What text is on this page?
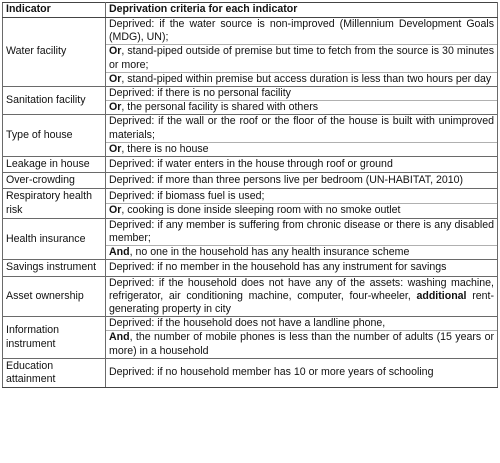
Indicator	Deprivation criteria for each indicator
Water facility	Deprived: if the water source is non-improved (Millennium Development Goals (MDG), UN);
Or, stand-piped outside of premise but time to fetch from the source is 30 minutes or more;
Or, stand-piped within premise but access duration is less than two hours per day

Sanitation facility	Deprived: if there is no personal facility
Or, the personal facility is shared with others

Type of house	Deprived: if the wall or the roof or the floor of the house is built with unimproved materials;
Or, there is no house

Leakage in house	Deprived: if water enters in the house through roof or ground

Over-crowding	Deprived: if more than three persons live per bedroom (UN-HABITAT, 2010)

Respiratory health risk	Deprived: if biomass fuel is used;
Or, cooking is done inside sleeping room with no smoke outlet

Health insurance	Deprived: if any member is suffering from chronic disease or there is any disabled member;
And, no one in the household has any health insurance scheme

Savings instrument	Deprived: if no member in the household has any instrument for savings

Asset ownership	Deprived: if the household does not have any of the assets: washing machine, refrigerator, air conditioning machine, computer, four-wheeler, additional rent-generating property in city

Information instrument	Deprived: if the household does not have a landline phone,
And, the number of mobile phones is less than the number of adults (15 years or more) in a household

Education attainment	Deprived: if no household member has 10 or more years of schooling
